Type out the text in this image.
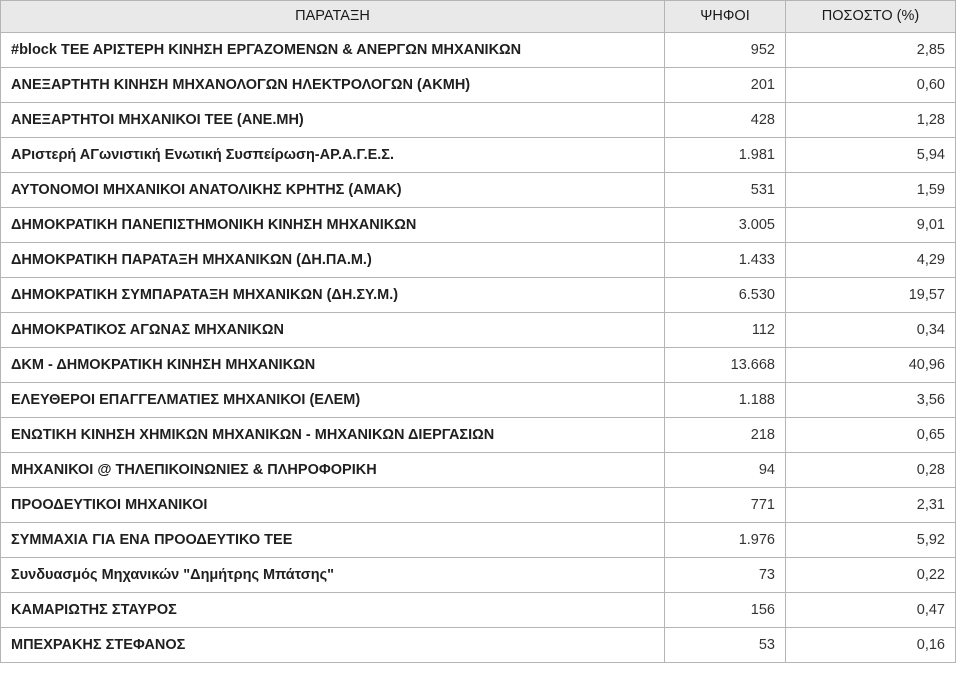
ΠΑΡΑΤΑΞΗ	ΨΗΦΟΙ	ΠΟΣΟΣΤΟ (%)
#block ΤΕΕ ΑΡΙΣΤΕΡΗ ΚΙΝΗΣΗ ΕΡΓΑΖΟΜΕΝΩΝ & ΑΝΕΡΓΩΝ ΜΗΧΑΝΙΚΩΝ	952	2,85
ΑΝΕΞΑΡΤΗΤΗ ΚΙΝΗΣΗ ΜΗΧΑΝΟΛΟΓΩΝ ΗΛΕΚΤΡΟΛΟΓΩΝ (ΑΚΜΗ)	201	0,60
ΑΝΕΞΑΡΤΗΤΟΙ ΜΗΧΑΝΙΚΟΙ ΤΕΕ (ΑΝΕ.ΜΗ)	428	1,28
ΑΡιστερή ΑΓωνιστική Ενωτική Συσπείρωση-ΑΡ.Α.Γ.Ε.Σ.	1.981	5,94
ΑΥΤΟΝΟΜΟΙ ΜΗΧΑΝΙΚΟΙ ΑΝΑΤΟΛΙΚΗΣ ΚΡΗΤΗΣ (ΑΜΑΚ)	531	1,59
ΔΗΜΟΚΡΑΤΙΚΗ ΠΑΝΕΠΙΣΤΗΜΟΝΙΚΗ ΚΙΝΗΣΗ ΜΗΧΑΝΙΚΩΝ	3.005	9,01
ΔΗΜΟΚΡΑΤΙΚΗ ΠΑΡΑΤΑΞΗ ΜΗΧΑΝΙΚΩΝ (ΔΗ.ΠΑ.Μ.)	1.433	4,29
ΔΗΜΟΚΡΑΤΙΚΗ ΣΥΜΠΑΡΑΤΑΞΗ ΜΗΧΑΝΙΚΩΝ (ΔΗ.ΣΥ.Μ.)	6.530	19,57
ΔΗΜΟΚΡΑΤΙΚΟΣ ΑΓΩΝΑΣ ΜΗΧΑΝΙΚΩΝ	112	0,34
ΔΚΜ - ΔΗΜΟΚΡΑΤΙΚΗ ΚΙΝΗΣΗ ΜΗΧΑΝΙΚΩΝ	13.668	40,96
ΕΛΕΥΘΕΡΟΙ ΕΠΑΓΓΕΛΜΑΤΙΕΣ ΜΗΧΑΝΙΚΟΙ (ΕΛΕΜ)	1.188	3,56
ΕΝΩΤΙΚΗ ΚΙΝΗΣΗ ΧΗΜΙΚΩΝ ΜΗΧΑΝΙΚΩΝ - ΜΗΧΑΝΙΚΩΝ ΔΙΕΡΓΑΣΙΩΝ	218	0,65
ΜΗΧΑΝΙΚΟΙ @ ΤΗΛΕΠΙΚΟΙΝΩΝΙΕΣ & ΠΛΗΡΟΦΟΡΙΚΗ	94	0,28
ΠΡΟΟΔΕΥΤΙΚΟΙ ΜΗΧΑΝΙΚΟΙ	771	2,31
ΣΥΜΜΑΧΙΑ ΓΙΑ ΕΝΑ ΠΡΟΟΔΕΥΤΙΚΟ ΤΕΕ	1.976	5,92
Συνδυασμός Μηχανικών "Δημήτρης Μπάτσης"	73	0,22
ΚΑΜΑΡΙΩΤΗΣ ΣΤΑΥΡΟΣ	156	0,47
ΜΠΕΧΡΑΚΗΣ ΣΤΕΦΑΝΟΣ	53	0,16
